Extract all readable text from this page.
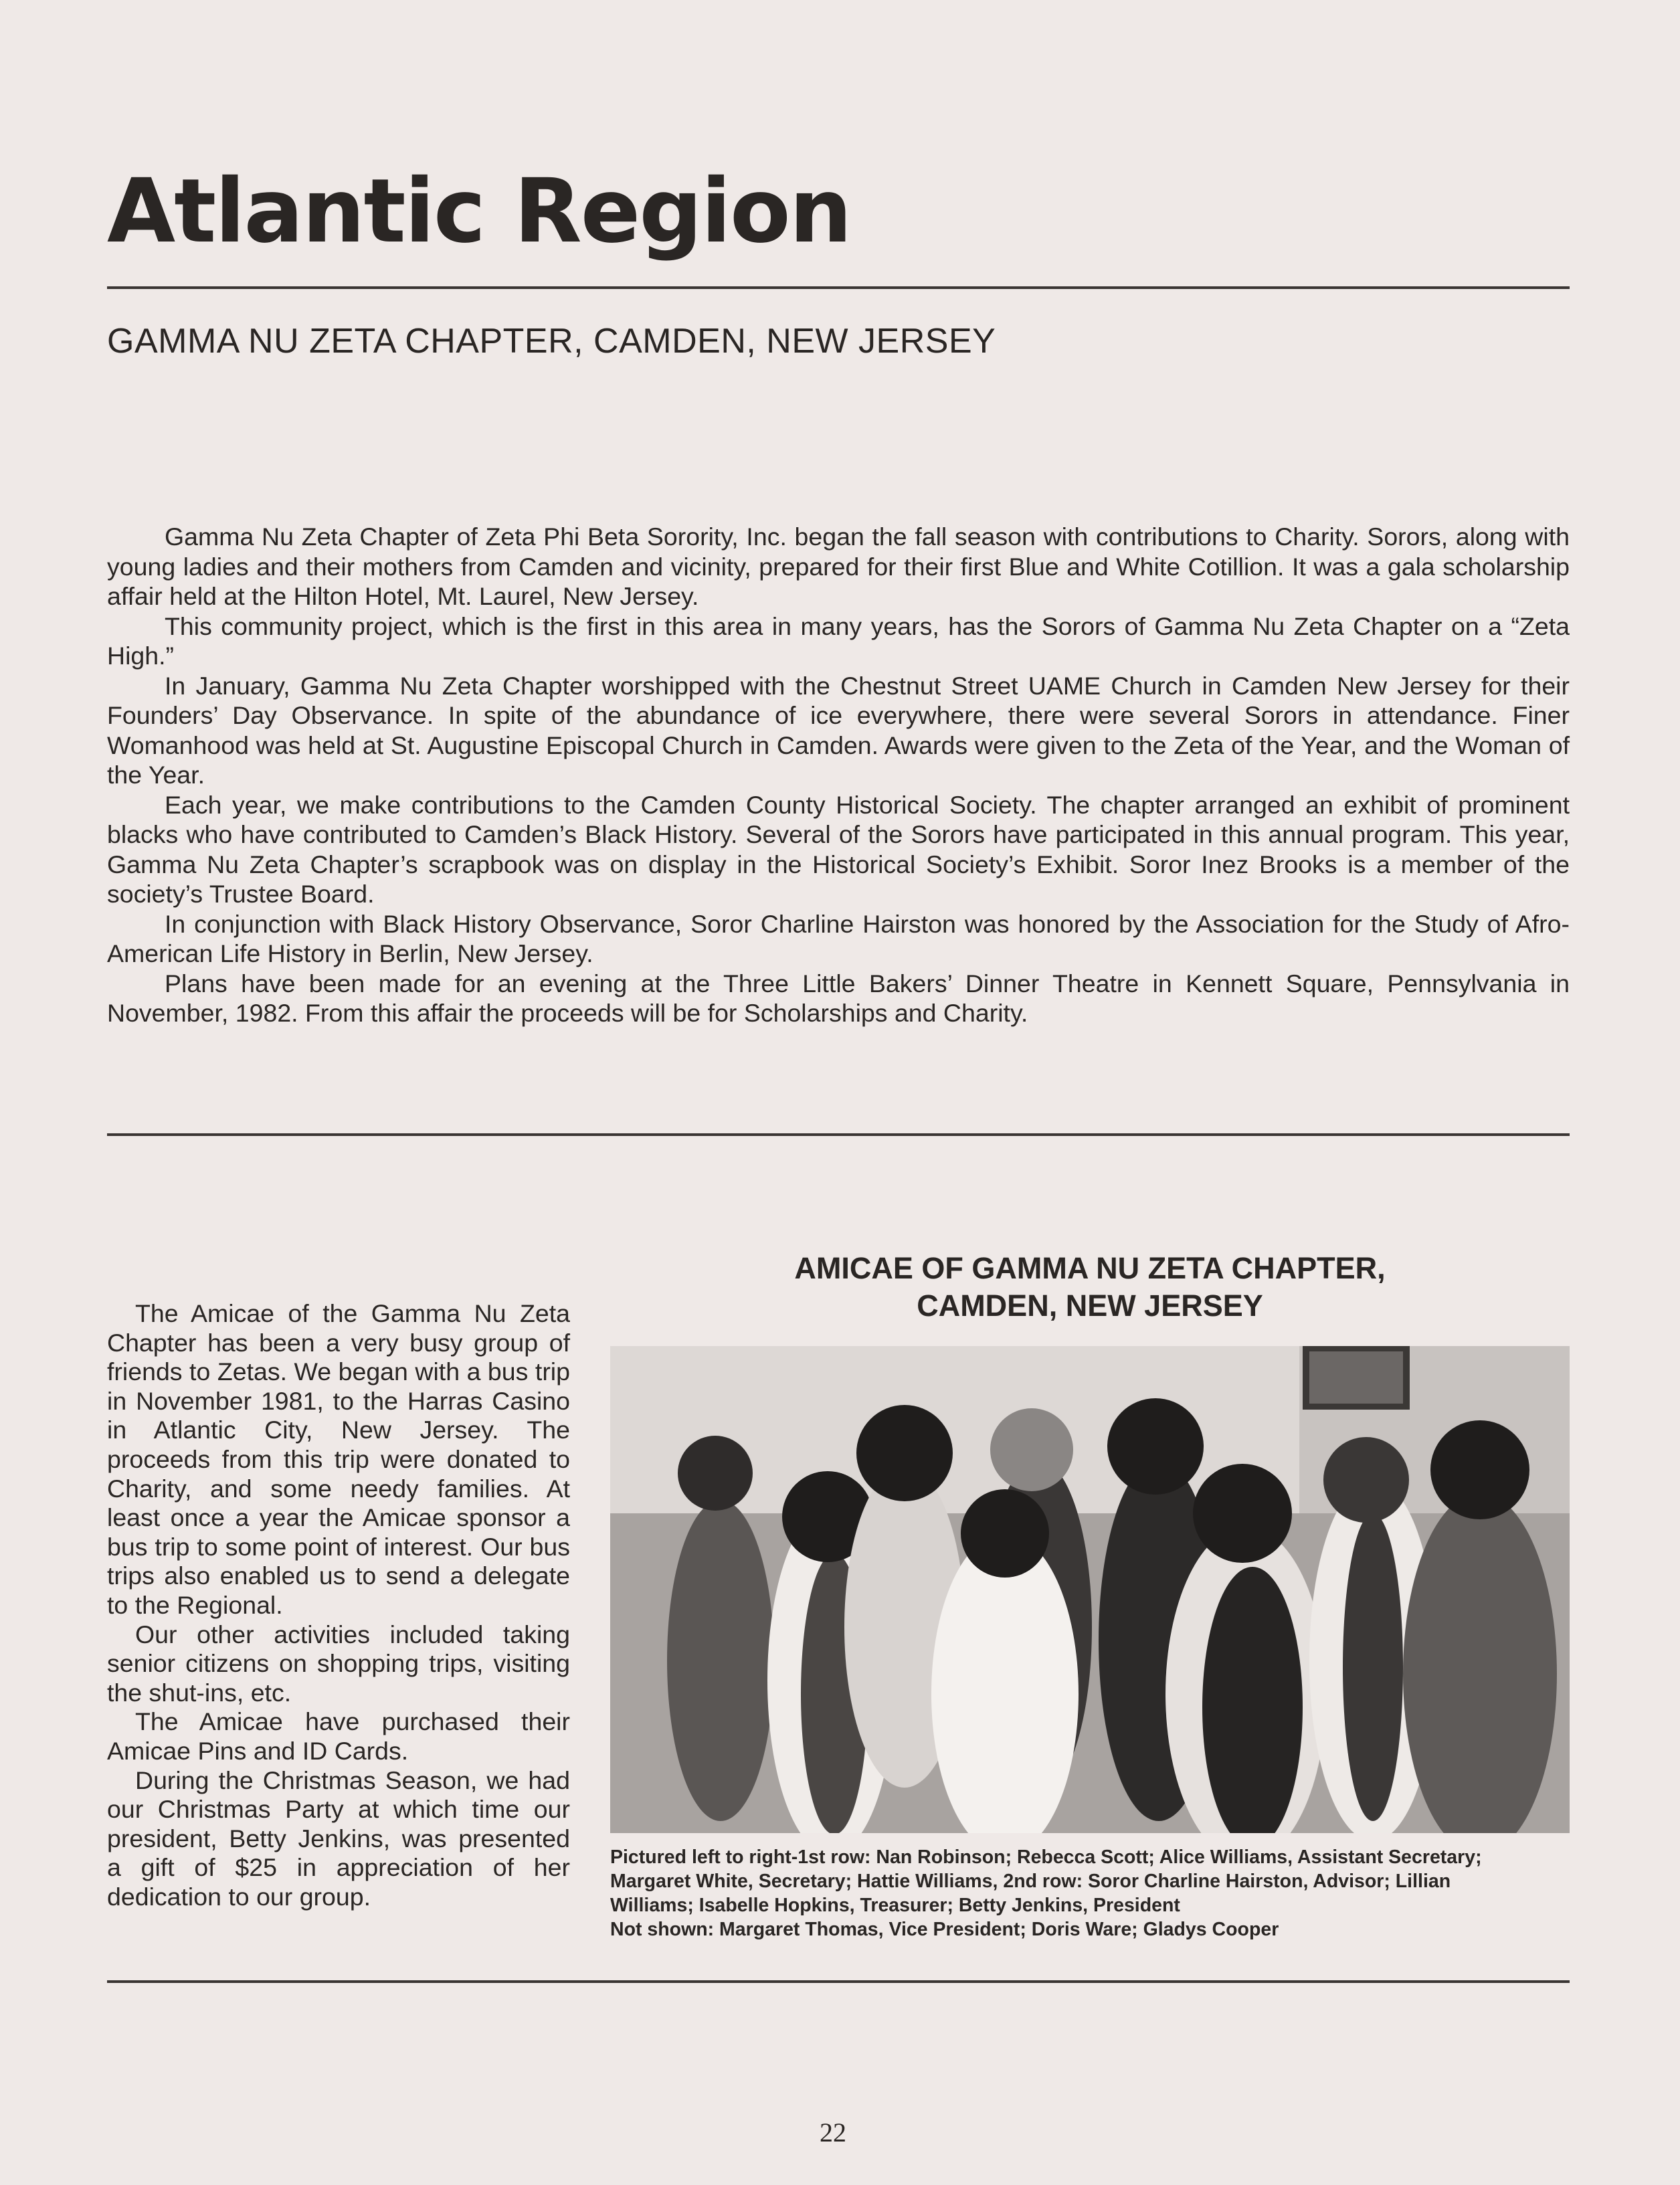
Atlantic Region
GAMMA NU ZETA CHAPTER, CAMDEN, NEW JERSEY

Gamma Nu Zeta Chapter of Zeta Phi Beta Sorority, Inc. began the fall season with contributions to Charity. Sorors, along with young ladies and their mothers from Camden and vicinity, prepared for their first Blue and White Cotillion. It was a gala scholarship affair held at the Hilton Hotel, Mt. Laurel, New Jersey.

This community project, which is the first in this area in many years, has the Sorors of Gamma Nu Zeta Chapter on a “Zeta High.”

In January, Gamma Nu Zeta Chapter worshipped with the Chestnut Street UAME Church in Camden New Jersey for their Founders’ Day Observance. In spite of the abundance of ice everywhere, there were several Sorors in attendance. Finer Womanhood was held at St. Augustine Episcopal Church in Camden. Awards were given to the Zeta of the Year, and the Woman of the Year.

Each year, we make contributions to the Camden County Historical Society. The chapter arranged an exhibit of prominent blacks who have contributed to Camden’s Black History. Several of the Sorors have participated in this annual program. This year, Gamma Nu Zeta Chapter’s scrapbook was on display in the Historical Society’s Exhibit. Soror Inez Brooks is a member of the society’s Trustee Board.

In conjunction with Black History Observance, Soror Charline Hairston was honored by the Association for the Study of Afro-American Life History in Berlin, New Jersey.

Plans have been made for an evening at the Three Little Bakers’ Dinner Theatre in Kennett Square, Pennsylvania in November, 1982. From this affair the proceeds will be for Scholarships and Charity.

The Amicae of the Gamma Nu Zeta Chapter has been a very busy group of friends to Zetas. We began with a bus trip in November 1981, to the Harras Casino in Atlantic City, New Jersey. The proceeds from this trip were donated to Charity, and some needy families. At least once a year the Amicae sponsor a bus trip to some point of interest. Our bus trips also enabled us to send a delegate to the Regional.

Our other activities included taking senior citizens on shopping trips, visiting the shut-ins, etc.

The Amicae have purchased their Amicae Pins and ID Cards.

During the Christmas Season, we had our Christmas Party at which time our president, Betty Jenkins, was presented a gift of $25 in appreciation of her dedication to our group.

AMICAE OF GAMMA NU ZETA CHAPTER,
CAMDEN, NEW JERSEY
Pictured left to right-1st row: Nan Robinson; Rebecca Scott; Alice Williams, Assistant Secretary;
Margaret White, Secretary; Hattie Williams, 2nd row: Soror Charline Hairston, Advisor; Lillian
Williams; Isabelle Hopkins, Treasurer; Betty Jenkins, President
Not shown: Margaret Thomas, Vice President; Doris Ware; Gladys Cooper
22
